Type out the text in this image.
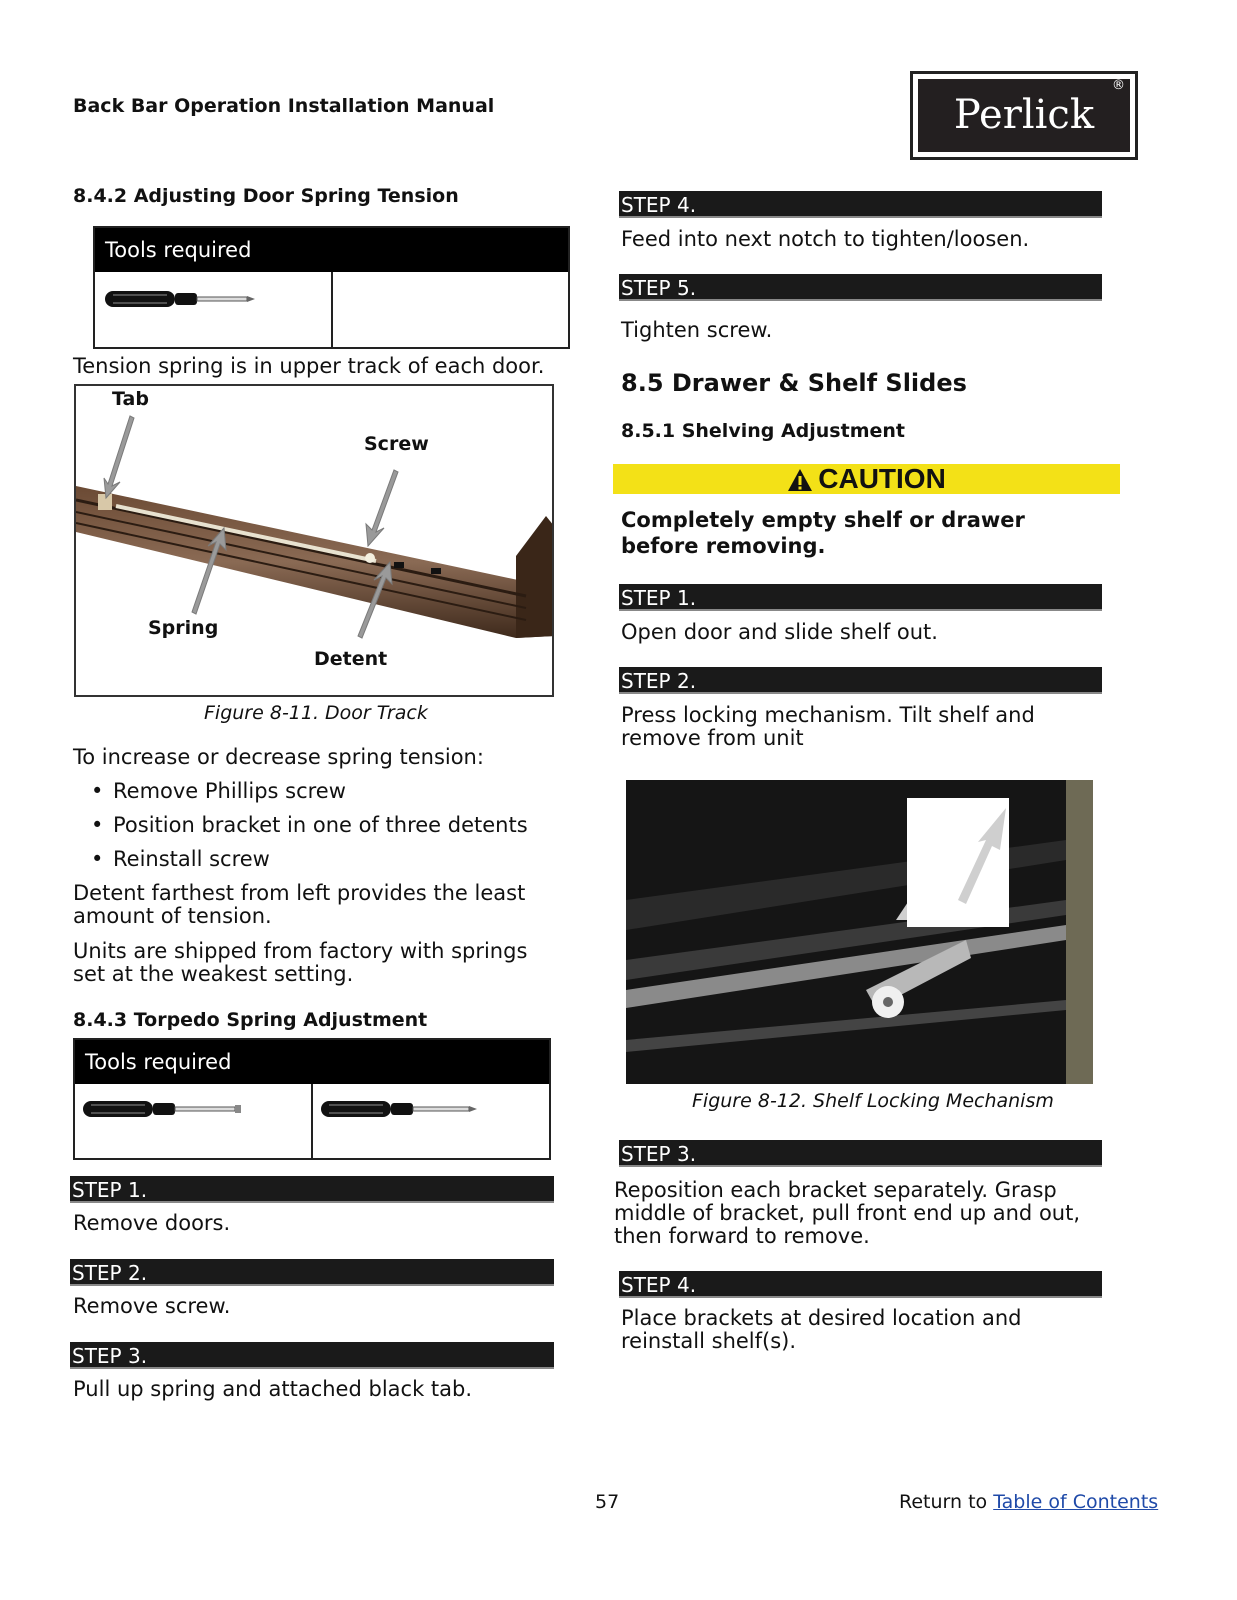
Back Bar Operation Installation Manual	Perlick
®
8.4.2 Adjusting Door Spring Tension
Tools required
Tension spring is in upper track of each door.
Tab
Screw
Spring
Detent
Figure 8-11. Door Track
To increase or decrease spring tension:
• Remove Phillips screw
• Position bracket in one of three detents
• Reinstall screw
Detent farthest from left provides the least amount of tension.
Units are shipped from factory with springs set at the weakest setting.
8.4.3 Torpedo Spring Adjustment
Tools required
STEP 1.
Remove doors.
STEP 2.
Remove screw.
STEP 3.
Pull up spring and attached black tab.
STEP 4.
Feed into next notch to tighten/loosen.
STEP 5.
Tighten screw.
8.5 Drawer & Shelf Slides
8.5.1 Shelving Adjustment
CAUTION
Completely empty shelf or drawer before removing.
STEP 1.
Open door and slide shelf out.
STEP 2.
Press locking mechanism. Tilt shelf and remove from unit
Figure 8-12. Shelf Locking Mechanism
STEP 3.
Reposition each bracket separately. Grasp middle of bracket, pull front end up and out, then forward to remove.
STEP 4.
Place brackets at desired location and reinstall shelf(s).
57	Return to Table of Contents
